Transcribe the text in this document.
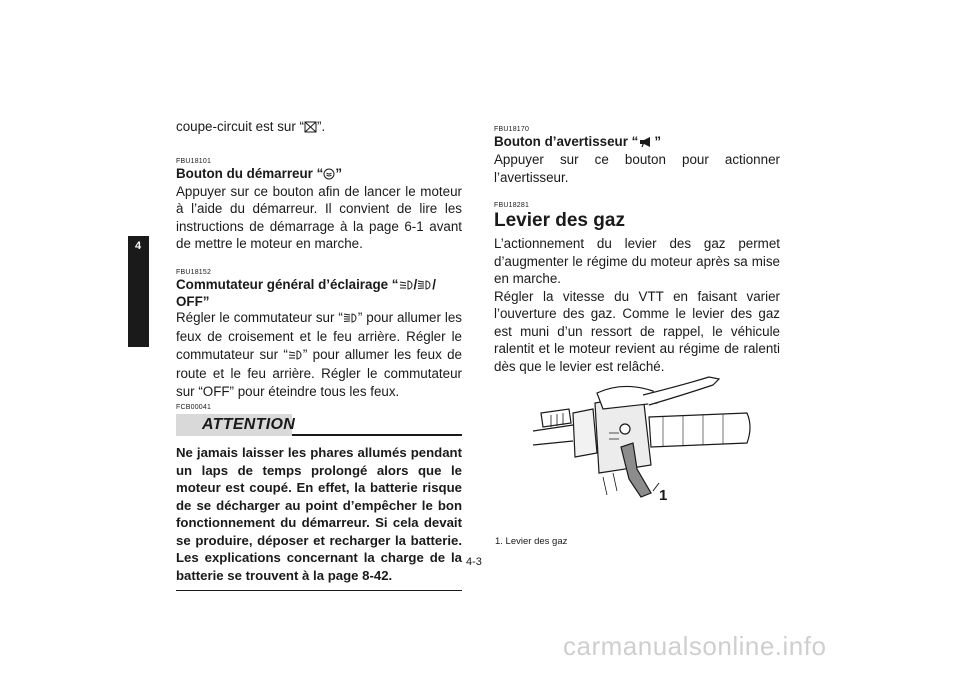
4

coupe-circuit est sur “ ”.

FBU18101

Bouton du démarreur “ ”

Appuyer sur ce bouton afin de lancer le moteur à l’aide du démarreur. Il convient de lire les instructions de démarrage à la page 6-1 avant de mettre le moteur en marche.

FBU18152

Commutateur général d’éclairage “ / /
OFF”

Régler le commutateur sur “ ” pour allumer les feux de croisement et le feu arrière. Régler le commutateur sur “ ” pour allumer les feux de route et le feu arrière. Régler le commutateur sur “OFF” pour éteindre tous les feux.

FCB00041

ATTENTION

Ne jamais laisser les phares allumés pendant un laps de temps prolongé alors que le moteur est coupé. En effet, la batterie risque de se décharger au point d’empêcher le bon fonctionnement du démarreur. Si cela devait se produire, déposer et recharger la batterie. Les explications concernant la charge de la batterie se trouvent à la page 8-42.

FBU18170

Bouton d’avertisseur “ ”

Appuyer sur ce bouton pour actionner l’avertisseur.

FBU18281

Levier des gaz

L’actionnement du levier des gaz permet d’augmenter le régime du moteur après sa mise en marche.

Régler la vitesse du VTT en faisant varier l’ouverture des gaz. Comme le levier des gaz est muni d’un ressort de rappel, le véhicule ralentit et le moteur revient au régime de ralenti dès que le levier est relâché.

1
1. Levier des gaz
4-3
carmanualsonline.info
